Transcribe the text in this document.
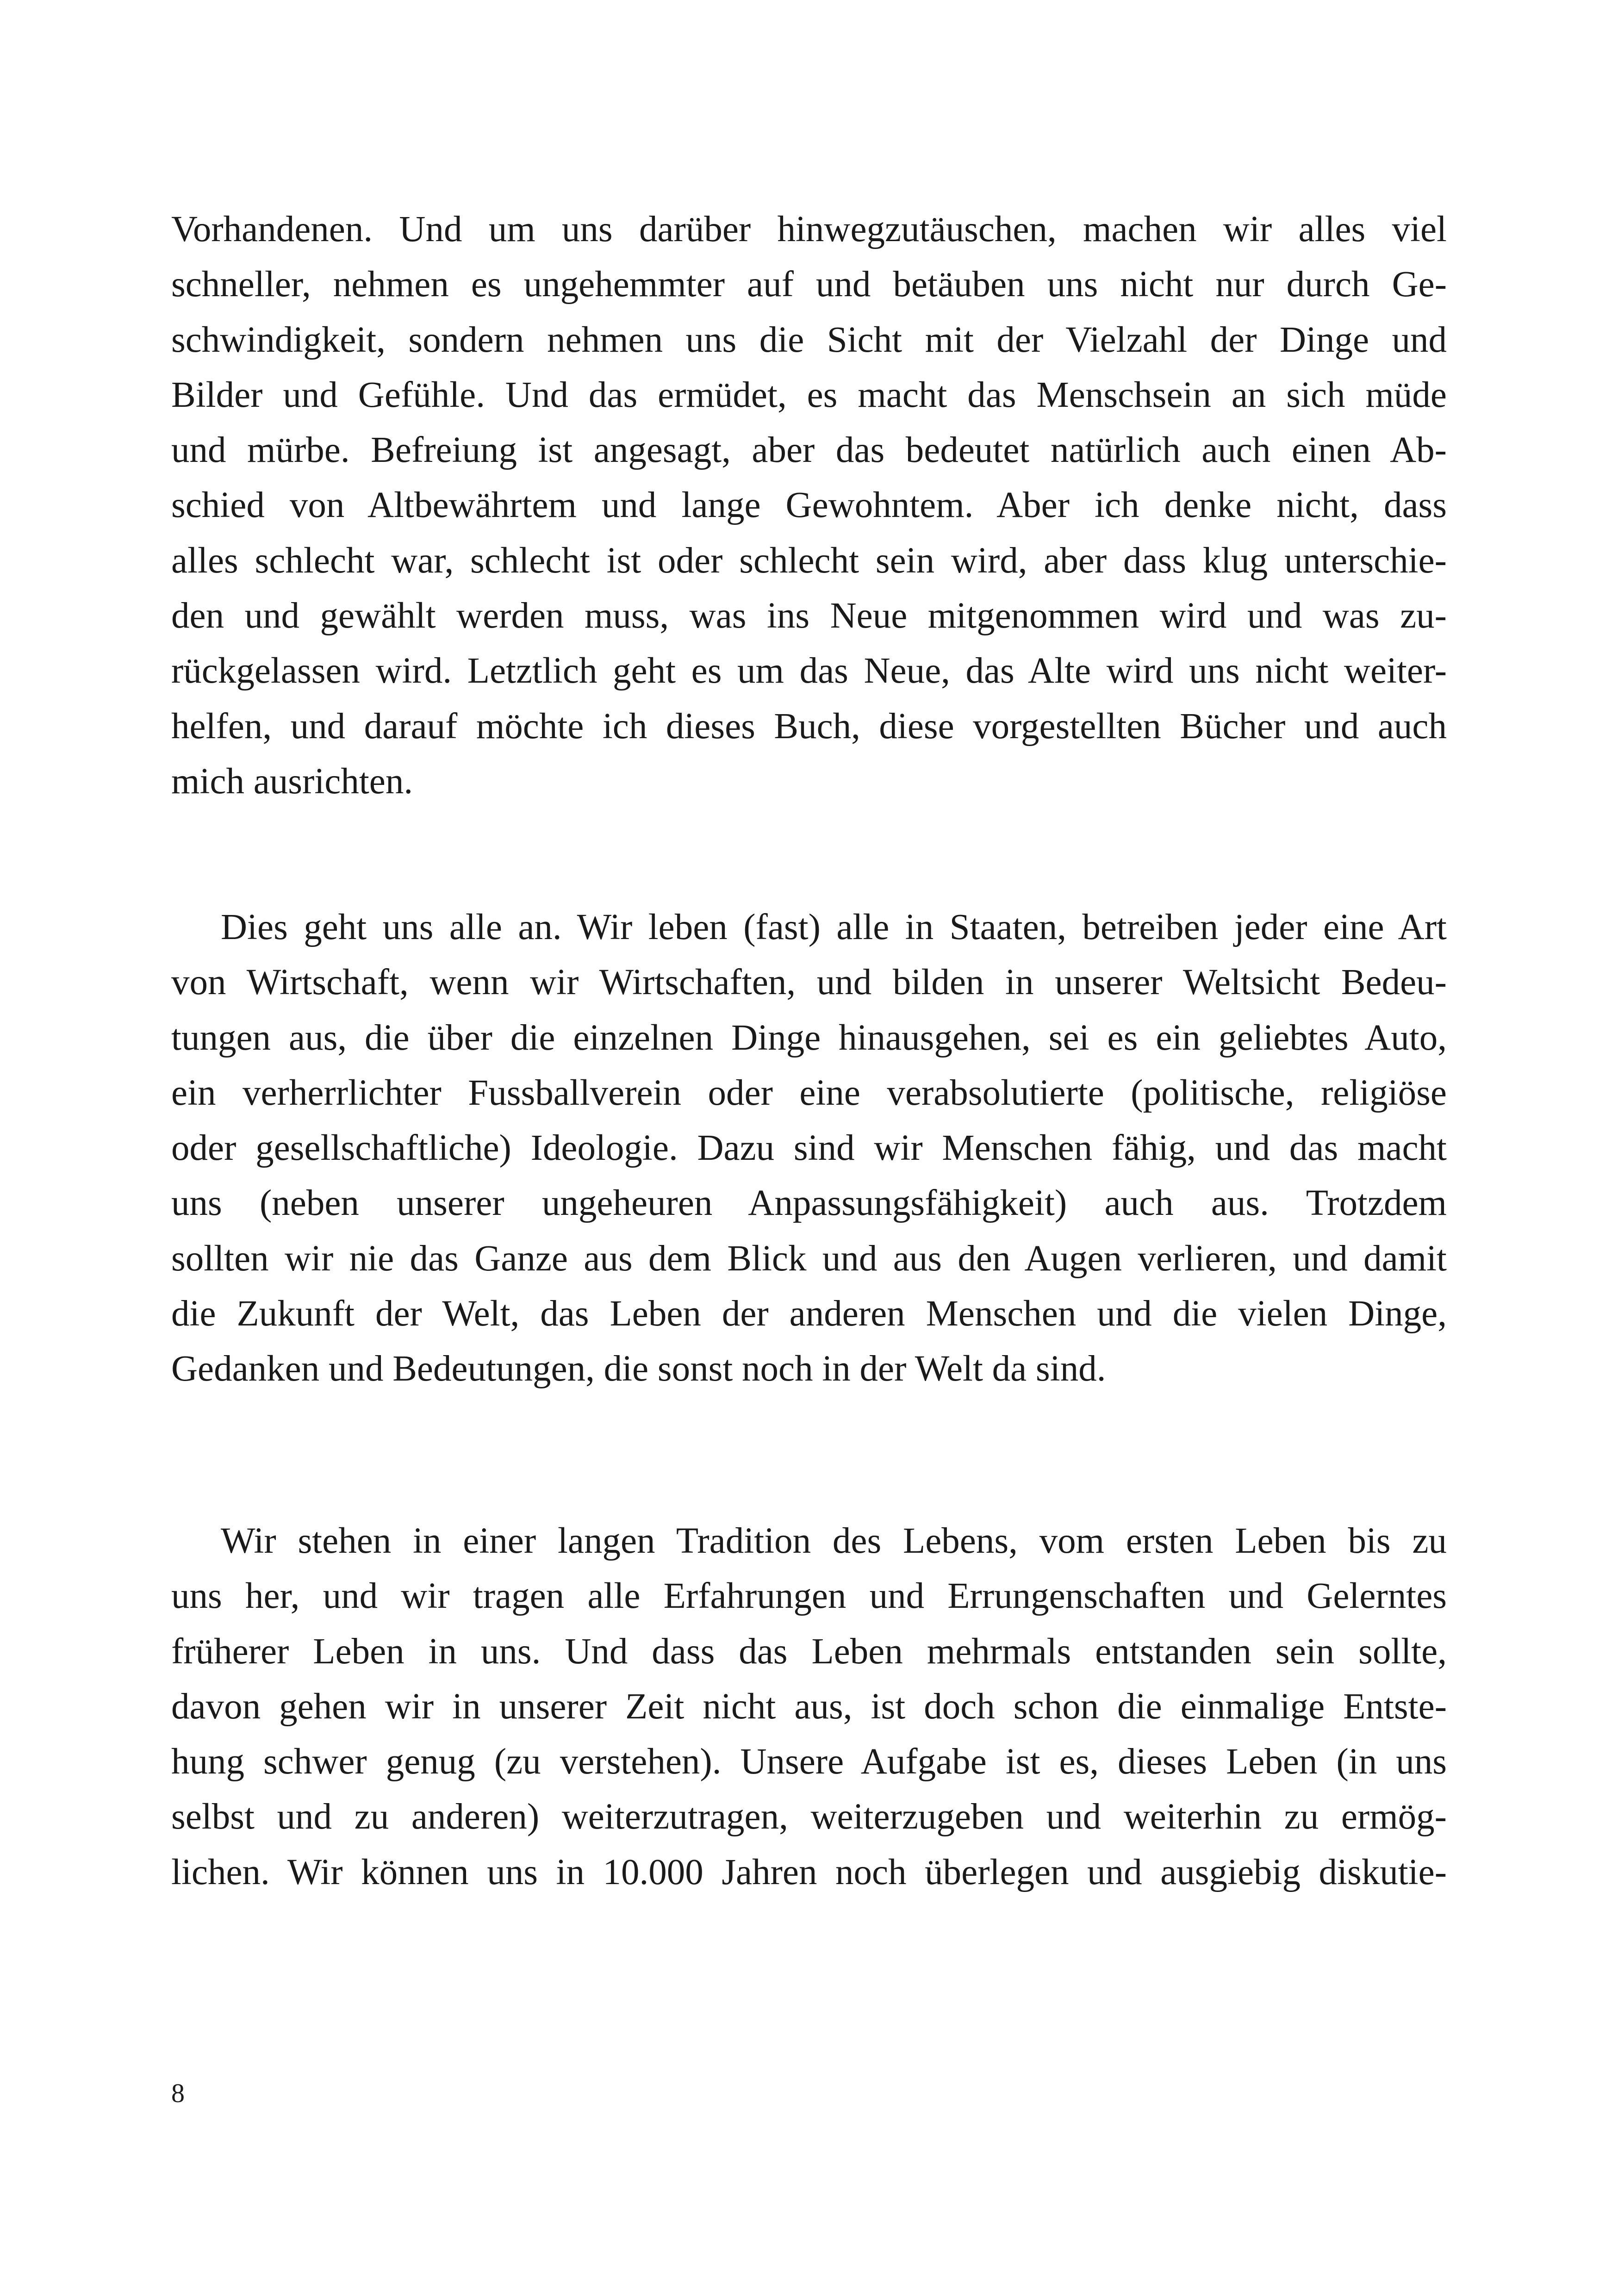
Vorhandenen. Und um uns darüber hinwegzutäuschen, machen wir alles viel
schneller, nehmen es ungehemmter auf und betäuben uns nicht nur durch Ge-
schwindigkeit, sondern nehmen uns die Sicht mit der Vielzahl der Dinge und
Bilder und Gefühle. Und das ermüdet, es macht das Menschsein an sich müde
und mürbe. Befreiung ist angesagt, aber das bedeutet natürlich auch einen Ab-
schied von Altbewährtem und lange Gewohntem. Aber ich denke nicht, dass
alles schlecht war, schlecht ist oder schlecht sein wird, aber dass klug unterschie-
den und gewählt werden muss, was ins Neue mitgenommen wird und was zu-
rückgelassen wird. Letztlich geht es um das Neue, das Alte wird uns nicht weiter-
helfen, und darauf möchte ich dieses Buch, diese vorgestellten Bücher und auch
mich ausrichten.
Dies geht uns alle an. Wir leben (fast) alle in Staaten, betreiben jeder eine Art
von Wirtschaft, wenn wir Wirtschaften, und bilden in unserer Weltsicht Bedeu-
tungen aus, die über die einzelnen Dinge hinausgehen, sei es ein geliebtes Auto,
ein verherrlichter Fussballverein oder eine verabsolutierte (politische, religiöse
oder gesellschaftliche) Ideologie. Dazu sind wir Menschen fähig, und das macht
uns (neben unserer ungeheuren Anpassungsfähigkeit) auch aus. Trotzdem
sollten wir nie das Ganze aus dem Blick und aus den Augen verlieren, und damit
die Zukunft der Welt, das Leben der anderen Menschen und die vielen Dinge,
Gedanken und Bedeutungen, die sonst noch in der Welt da sind.
Wir stehen in einer langen Tradition des Lebens, vom ersten Leben bis zu
uns her, und wir tragen alle Erfahrungen und Errungenschaften und Gelerntes
früherer Leben in uns. Und dass das Leben mehrmals entstanden sein sollte,
davon gehen wir in unserer Zeit nicht aus, ist doch schon die einmalige Entste-
hung schwer genug (zu verstehen). Unsere Aufgabe ist es, dieses Leben (in uns
selbst und zu anderen) weiterzutragen, weiterzugeben und weiterhin zu ermög-
lichen. Wir können uns in 10.000 Jahren noch überlegen und ausgiebig diskutie-
8
